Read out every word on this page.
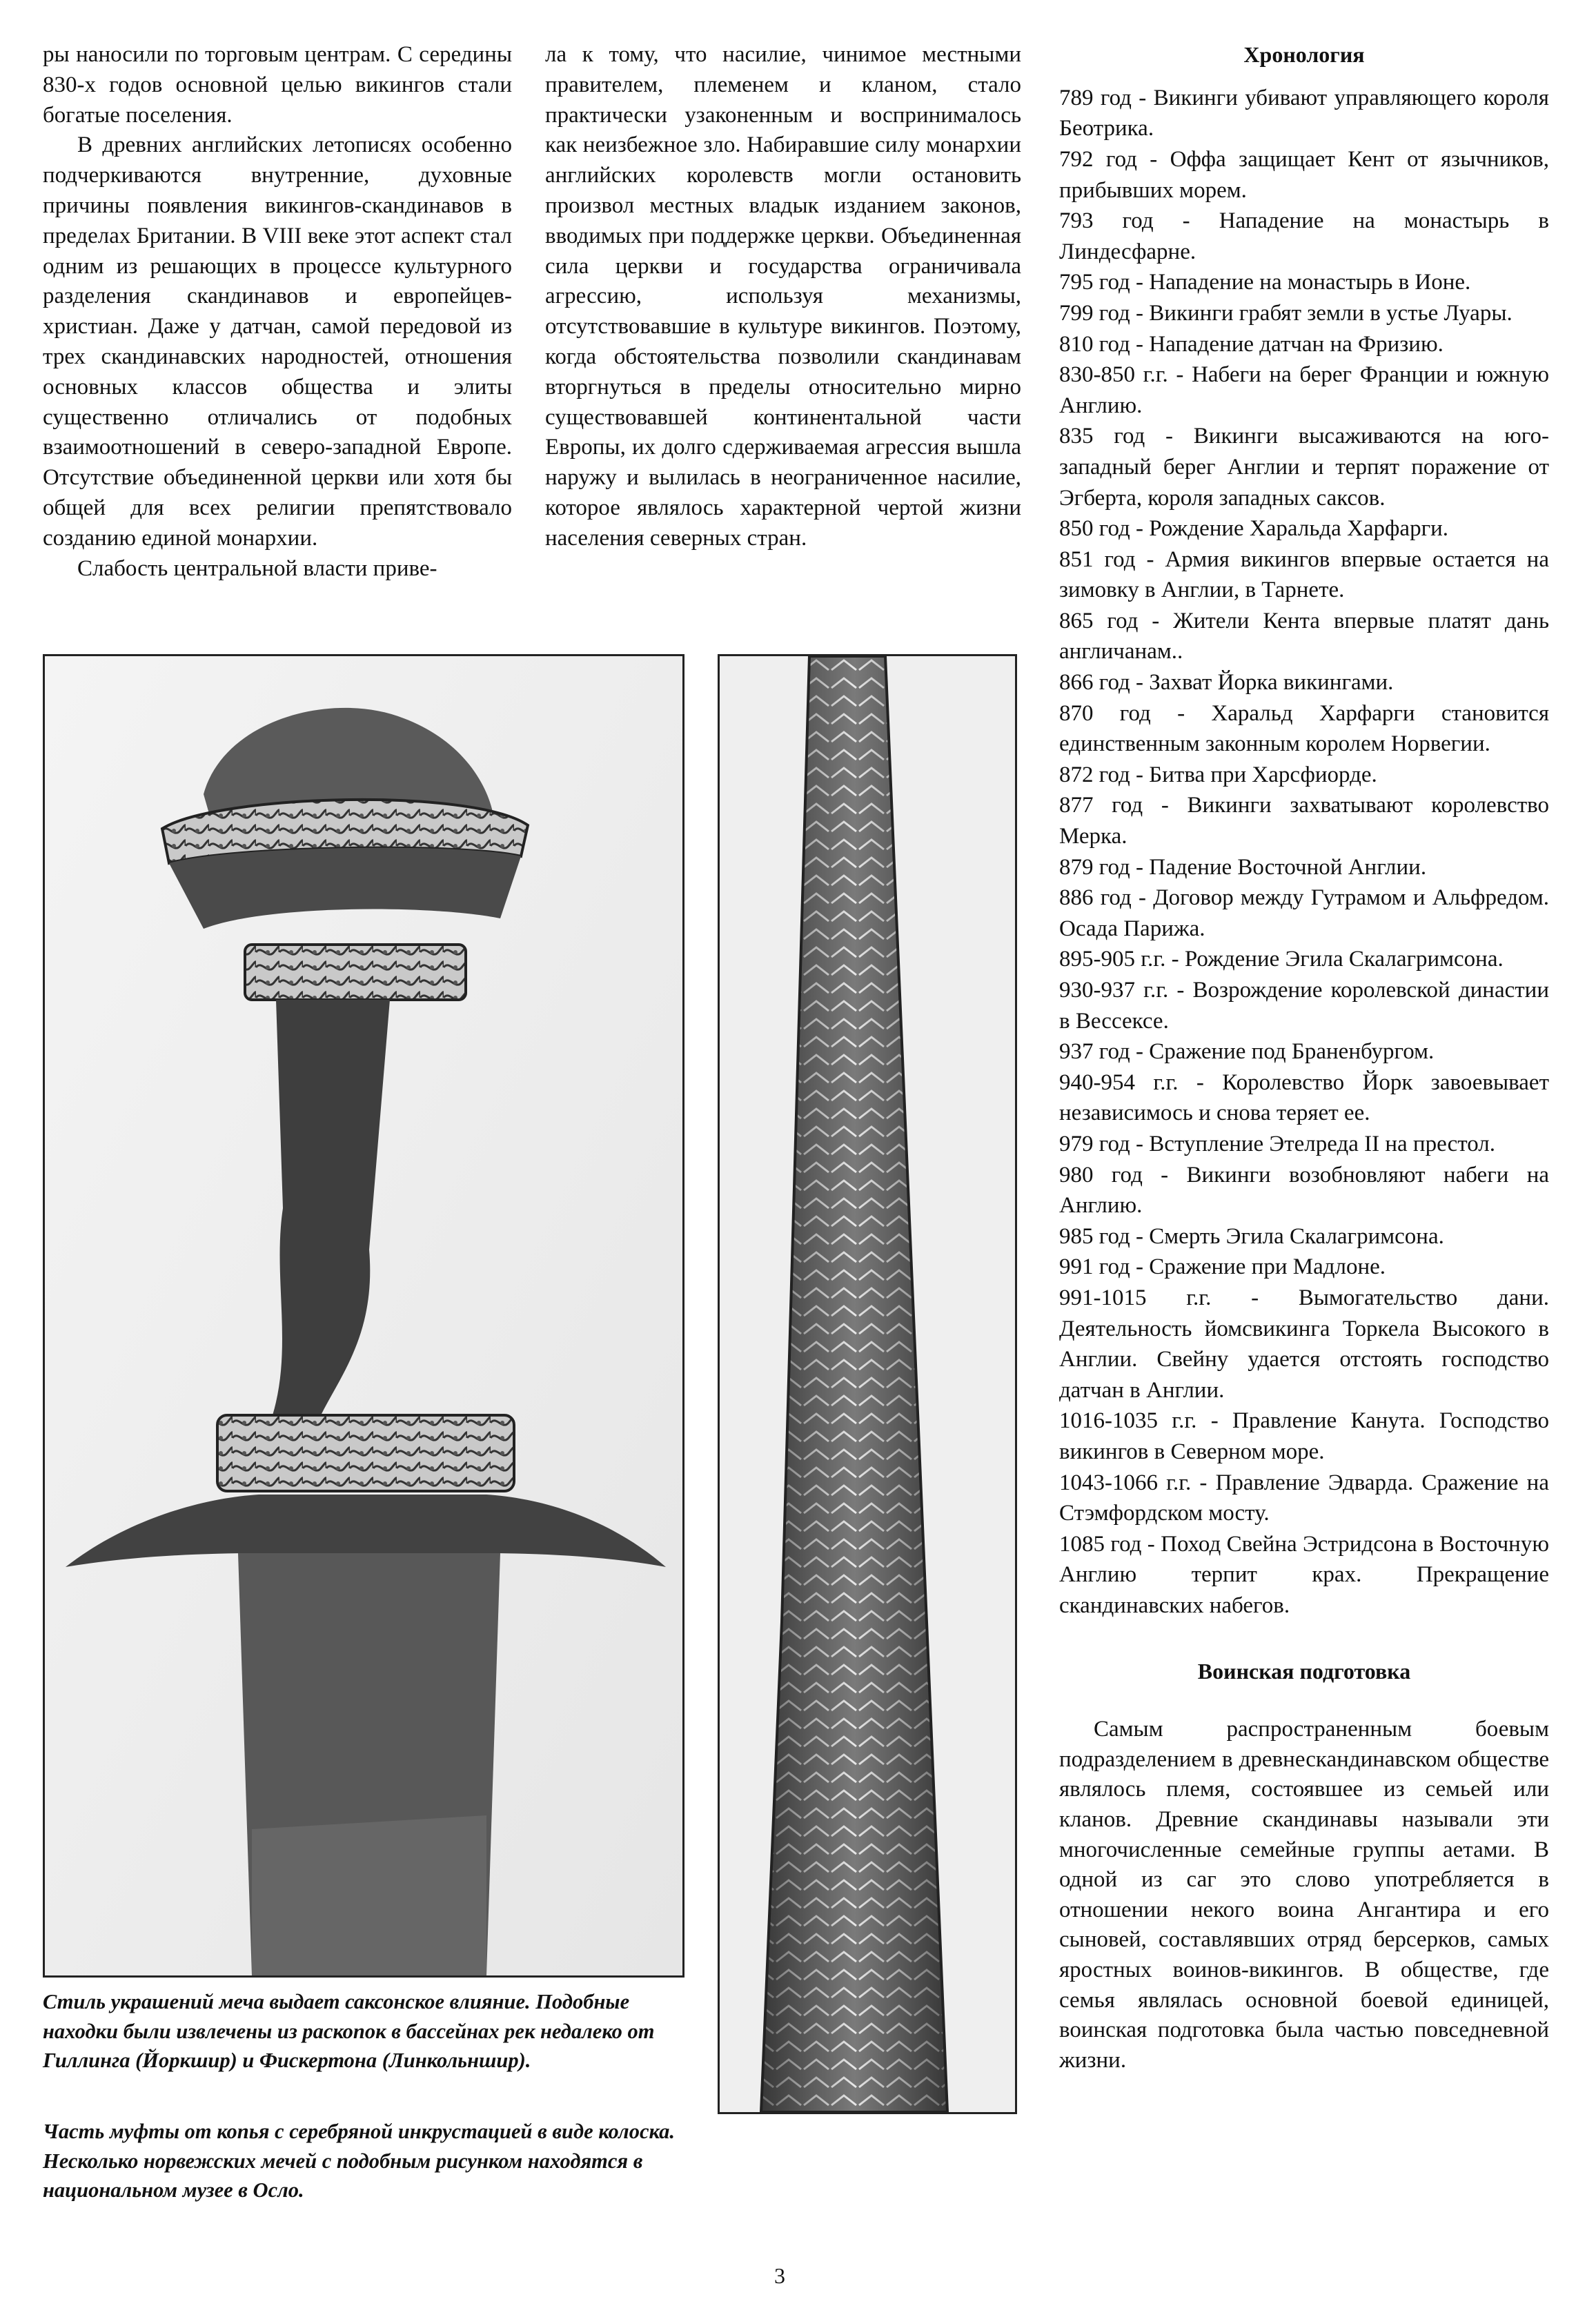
ры наносили по торговым центрам. С середины 830-х годов основной целью викингов стали богатые поселения.

В древних английских летописях особенно подчеркиваются внутренние, духовные причины появления викингов-скандинавов в пределах Британии. В VIII веке этот аспект стал одним из решающих в процессе культурного разделения скандинавов и европейцев-христиан. Даже у датчан, самой передовой из трех скандинавских народностей, отношения основных классов общества и элиты существенно отличались от подобных взаимоотношений в северо-западной Европе. Отсутствие объединенной церкви или хотя бы общей для всех религии препятствовало созданию единой монархии.

Слабость центральной власти приве-

ла к тому, что насилие, чинимое местными правителем, племенем и кланом, стало практически узаконенным и воспринималось как неизбежное зло. Набиравшие силу монархии английских королевств могли остановить произвол местных владык изданием законов, вводимых при поддержке церкви. Объединенная сила церкви и государства ограничивала агрессию, используя механизмы, отсутствовавшие в культуре викингов. Поэтому, когда обстоятельства позволили скандинавам вторгнуться в пределы относительно мирно существовавшей континентальной части Европы, их долго сдерживаемая агрессия вышла наружу и вылилась в неограниченное насилие, которое являлось характерной чертой жизни населения северных стран.

Хронология
789 год - Викинги убивают управляющего короля Беотрика.
792 год - Оффа защищает Кент от язычников, прибывших морем.
793 год - Нападение на монастырь в Линдесфарне.
795 год - Нападение на монастырь в Ионе.
799 год - Викинги грабят земли в устье Луары.
810 год - Нападение датчан на Фризию.
830-850 г.г. - Набеги на берег Франции и южную Англию.
835 год - Викинги высаживаются на юго-западный берег Англии и терпят поражение от Эгберта, короля западных саксов.
850 год - Рождение Харальда Харфарги.
851 год - Армия викингов впервые остается на зимовку в Англии, в Тарнете.
865 год - Жители Кента впервые платят дань англичанам..
866 год - Захват Йорка викингами.
870 год - Харальд Харфарги становится единственным законным королем Норвегии.
872 год - Битва при Харсфиорде.
877 год - Викинги захватывают королевство Мерка.
879 год - Падение Восточной Англии.
886 год - Договор между Гутрамом и Альфредом. Осада Парижа.
895-905 г.г. - Рождение Эгила Скалагримсона.
930-937 г.г. - Возрождение королевской династии в Вессексе.
937 год - Сражение под Браненбургом.
940-954 г.г. - Королевство Йорк завоевывает независимось и снова теряет ее.
979 год - Вступление Этелреда II на престол.
980 год - Викинги возобновляют набеги на Англию.
985 год - Смерть Эгила Скалагримсона.
991 год - Сражение при Мадлоне.
991-1015 г.г. - Вымогательство дани. Деятельность йомсвикинга Торкела Высокого в Англии. Свейну удается отстоять господство датчан в Англии.
1016-1035 г.г. - Правление Канута. Господство викингов в Северном море.
1043-1066 г.г. - Правление Эдварда. Сражение на Стэмфордском мосту.
1085 год - Поход Свейна Эстридсона в Восточную Англию терпит крах. Прекращение скандинавских набегов.
Воинская подготовка

Самым распространенным боевым подразделением в древнескандинавском обществе являлось племя, состоявшее из семьей или кланов. Древние скандинавы называли эти многочисленные семейные группы аетами. В одной из саг это слово употребляется в отношении некого воина Ангантира и его сыновей, составлявших отряд берсерков, самых яростных воинов-викингов. В обществе, где семья являлась основной боевой единицей, воинская подготовка была частью повседневной жизни.

Стиль украшений меча выдает саксонское влияние. Подобные находки были извлечены из раскопок в бассейнах рек недалеко от Гиллинга (Йоркшир) и Фискертона (Линкольншир).
Часть муфты от копья с серебряной инкрустацией в виде колоска. Несколько норвежских мечей с подобным рисунком находятся в национальном музее в Осло.
3
